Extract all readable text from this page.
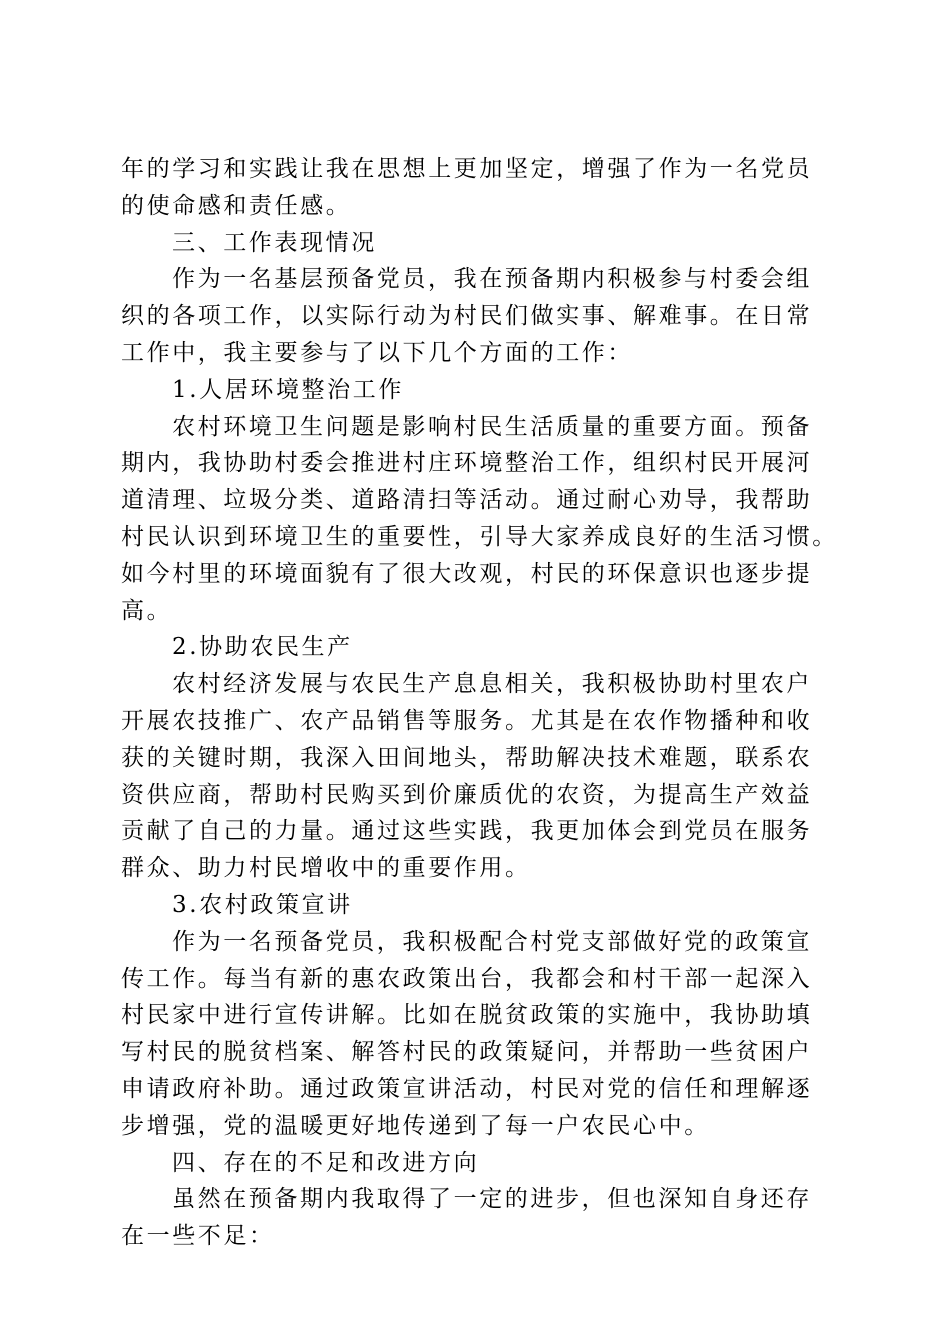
年的学习和实践让我在思想上更加坚定，增强了作为一名党员
的使命感和责任感。
三、工作表现情况
作为一名基层预备党员，我在预备期内积极参与村委会组
织的各项工作，以实际行动为村民们做实事、解难事。在日常
工作中，我主要参与了以下几个方面的工作：
1.人居环境整治工作
农村环境卫生问题是影响村民生活质量的重要方面。预备
期内，我协助村委会推进村庄环境整治工作，组织村民开展河
道清理、垃圾分类、道路清扫等活动。通过耐心劝导，我帮助
村民认识到环境卫生的重要性，引导大家养成良好的生活习惯。
如今村里的环境面貌有了很大改观，村民的环保意识也逐步提
高。
2.协助农民生产
农村经济发展与农民生产息息相关，我积极协助村里农户
开展农技推广、农产品销售等服务。尤其是在农作物播种和收
获的关键时期，我深入田间地头，帮助解决技术难题，联系农
资供应商，帮助村民购买到价廉质优的农资，为提高生产效益
贡献了自己的力量。通过这些实践，我更加体会到党员在服务
群众、助力村民增收中的重要作用。
3.农村政策宣讲
作为一名预备党员，我积极配合村党支部做好党的政策宣
传工作。每当有新的惠农政策出台，我都会和村干部一起深入
村民家中进行宣传讲解。比如在脱贫政策的实施中，我协助填
写村民的脱贫档案、解答村民的政策疑问，并帮助一些贫困户
申请政府补助。通过政策宣讲活动，村民对党的信任和理解逐
步增强，党的温暖更好地传递到了每一户农民心中。
四、存在的不足和改进方向
虽然在预备期内我取得了一定的进步，但也深知自身还存
在一些不足：
